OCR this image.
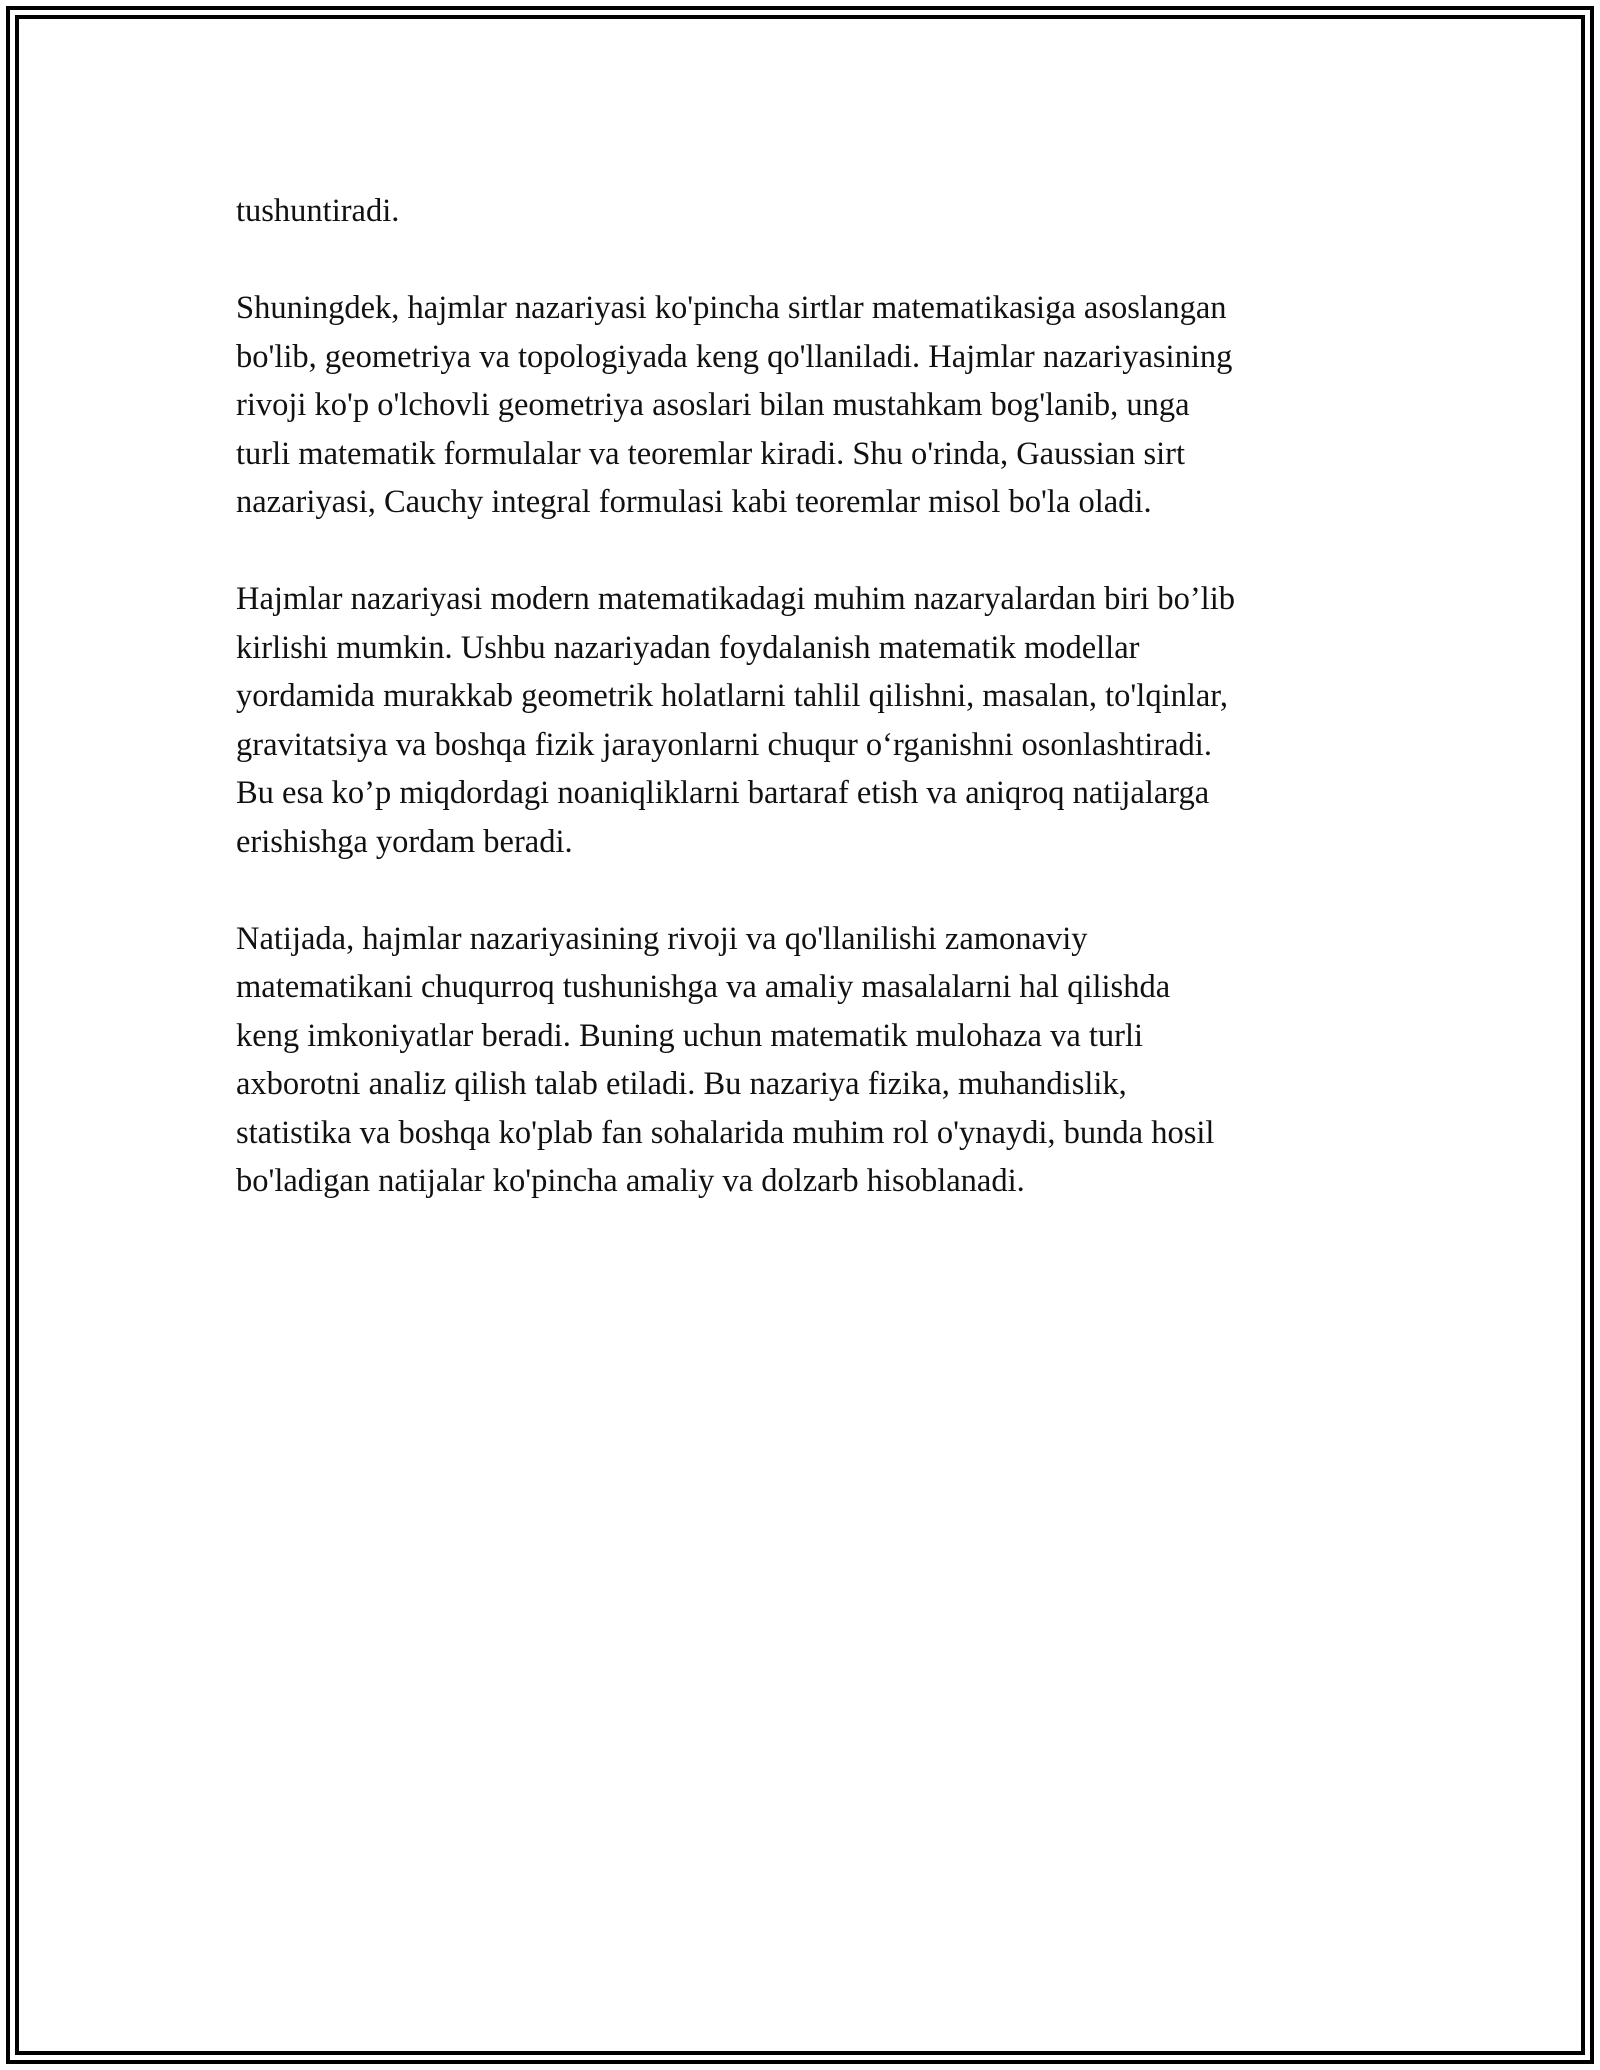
tushuntiradi.

Shuningdek, hajmlar nazariyasi ko'pincha sirtlar matematikasiga asoslangan
bo'lib, geometriya va topologiyada keng qo'llaniladi. Hajmlar nazariyasining
rivoji ko'p o'lchovli geometriya asoslari bilan mustahkam bog'lanib, unga
turli matematik formulalar va teoremlar kiradi. Shu o'rinda, Gaussian sirt
nazariyasi, Cauchy integral formulasi kabi teoremlar misol bo'la oladi.

Hajmlar nazariyasi modern matematikadagi muhim nazaryalardan biri bo’lib
kirlishi mumkin. Ushbu nazariyadan foydalanish matematik modellar
yordamida murakkab geometrik holatlarni tahlil qilishni, masalan, to'lqinlar,
gravitatsiya va boshqa fizik jarayonlarni chuqur o‘rganishni osonlashtiradi.
Bu esa ko’p miqdordagi noaniqliklarni bartaraf etish va aniqroq natijalarga
erishishga yordam beradi.

Natijada, hajmlar nazariyasining rivoji va qo'llanilishi zamonaviy
matematikani chuqurroq tushunishga va amaliy masalalarni hal qilishda
keng imkoniyatlar beradi. Buning uchun matematik mulohaza va turli
axborotni analiz qilish talab etiladi. Bu nazariya fizika, muhandislik,
statistika va boshqa ko'plab fan sohalarida muhim rol o'ynaydi, bunda hosil
bo'ladigan natijalar ko'pincha amaliy va dolzarb hisoblanadi.
